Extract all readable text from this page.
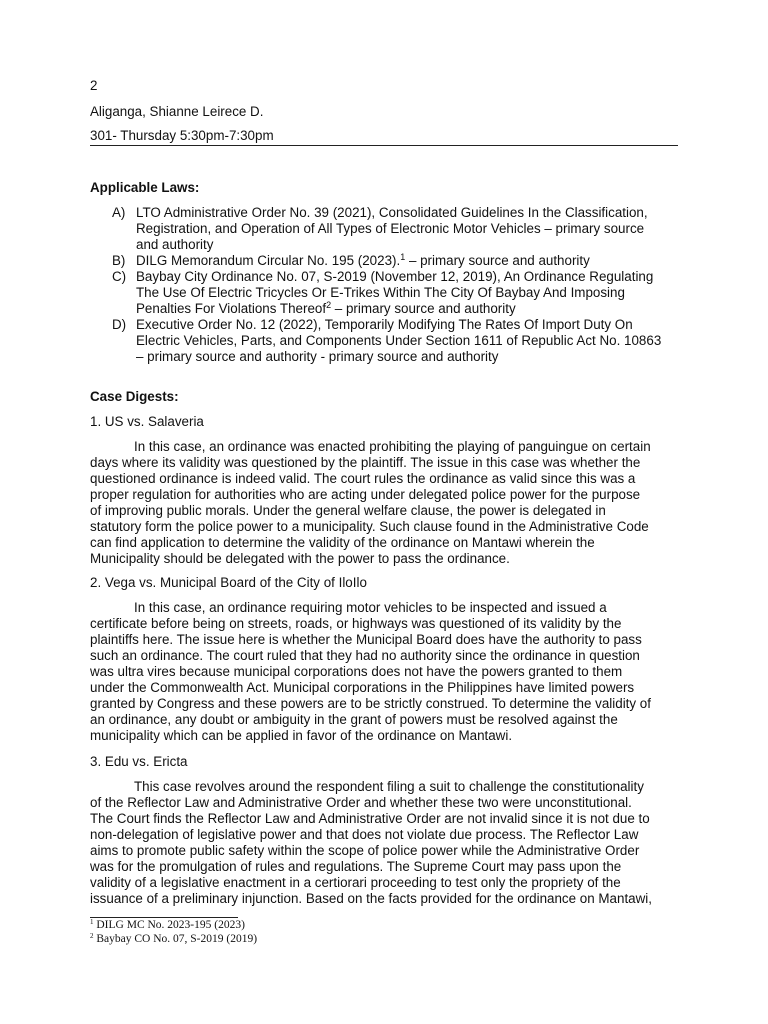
2
Aliganga, Shianne Leirece D.
301- Thursday 5:30pm-7:30pm
Applicable Laws:
A) LTO Administrative Order No. 39 (2021), Consolidated Guidelines In the Classification,
Registration, and Operation of All Types of Electronic Motor Vehicles – primary source
and authority
B) DILG Memorandum Circular No. 195 (2023).$^1$ – primary source and authority
C) Baybay City Ordinance No. 07, S-2019 (November 12, 2019), An Ordinance Regulating
The Use Of Electric Tricycles Or E-Trikes Within The City Of Baybay And Imposing
Penalties For Violations Thereof$^2$ – primary source and authority
D) Executive Order No. 12 (2022), Temporarily Modifying The Rates Of Import Duty On
Electric Vehicles, Parts, and Components Under Section 1611 of Republic Act No. 10863
– primary source and authority - primary source and authority
Case Digests:
1. US vs. Salaveria
In this case, an ordinance was enacted prohibiting the playing of panguingue on certain
days where its validity was questioned by the plaintiff. The issue in this case was whether the
questioned ordinance is indeed valid. The court rules the ordinance as valid since this was a
proper regulation for authorities who are acting under delegated police power for the purpose
of improving public morals. Under the general welfare clause, the power is delegated in
statutory form the police power to a municipality. Such clause found in the Administrative Code
can find application to determine the validity of the ordinance on Mantawi wherein the
Municipality should be delegated with the power to pass the ordinance.
2. Vega vs. Municipal Board of the City of IloIlo
In this case, an ordinance requiring motor vehicles to be inspected and issued a
certificate before being on streets, roads, or highways was questioned of its validity by the
plaintiffs here. The issue here is whether the Municipal Board does have the authority to pass
such an ordinance. The court ruled that they had no authority since the ordinance in question
was ultra vires because municipal corporations does not have the powers granted to them
under the Commonwealth Act. Municipal corporations in the Philippines have limited powers
granted by Congress and these powers are to be strictly construed. To determine the validity of
an ordinance, any doubt or ambiguity in the grant of powers must be resolved against the
municipality which can be applied in favor of the ordinance on Mantawi.
3. Edu vs. Ericta
This case revolves around the respondent filing a suit to challenge the constitutionality
of the Reflector Law and Administrative Order and whether these two were unconstitutional.
The Court finds the Reflector Law and Administrative Order are not invalid since it is not due to
non-delegation of legislative power and that does not violate due process. The Reflector Law
aims to promote public safety within the scope of police power while the Administrative Order
was for the promulgation of rules and regulations. The Supreme Court may pass upon the
validity of a legislative enactment in a certiorari proceeding to test only the propriety of the
issuance of a preliminary injunction. Based on the facts provided for the ordinance on Mantawi,
$^1$ DILG MC No. 2023-195 (2023)
$^2$ Baybay CO No. 07, S-2019 (2019)
